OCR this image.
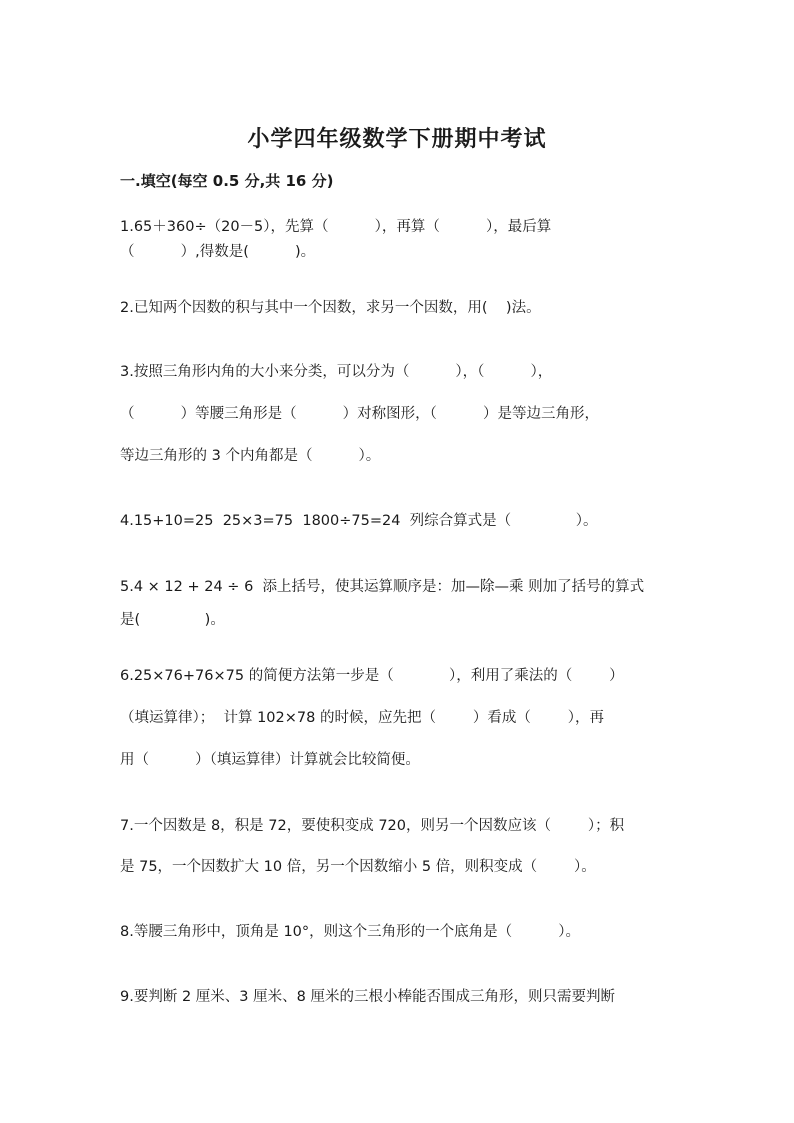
小学四年级数学下册期中考试
一.填空(每空 0.5 分,共 16 分)

1.65＋360÷（20－5），先算（          ），再算（          ），最后算

（          ）,得数是(          )。

2.已知两个因数的积与其中一个因数，求另一个因数，用(    )法。

3.按照三角形内角的大小来分类，可以分为（          ），（          ），

（          ）等腰三角形是（          ）对称图形，（          ）是等边三角形，

等边三角形的 3 个内角都是（          ）。

4.15+10=25  25×3=75  1800÷75=24  列综合算式是（              ）。

5.4 × 12 + 24 ÷ 6  添上括号，使其运算顺序是：加—除—乘 则加了括号的算式

是(              )。

6.25×76+76×75 的简便方法第一步是（            ），利用了乘法的（        ）

（填运算律）；  计算 102×78 的时候，应先把（        ）看成（        ），再

用（          ）（填运算律）计算就会比较简便。

7.一个因数是 8，积是 72，要使积变成 720，则另一个因数应该（        ）；积

是 75，一个因数扩大 10 倍，另一个因数缩小 5 倍，则积变成（        ）。

8.等腰三角形中，顶角是 10°，则这个三角形的一个底角是（          ）。

9.要判断 2 厘米、3 厘米、8 厘米的三根小棒能否围成三角形，则只需要判断
